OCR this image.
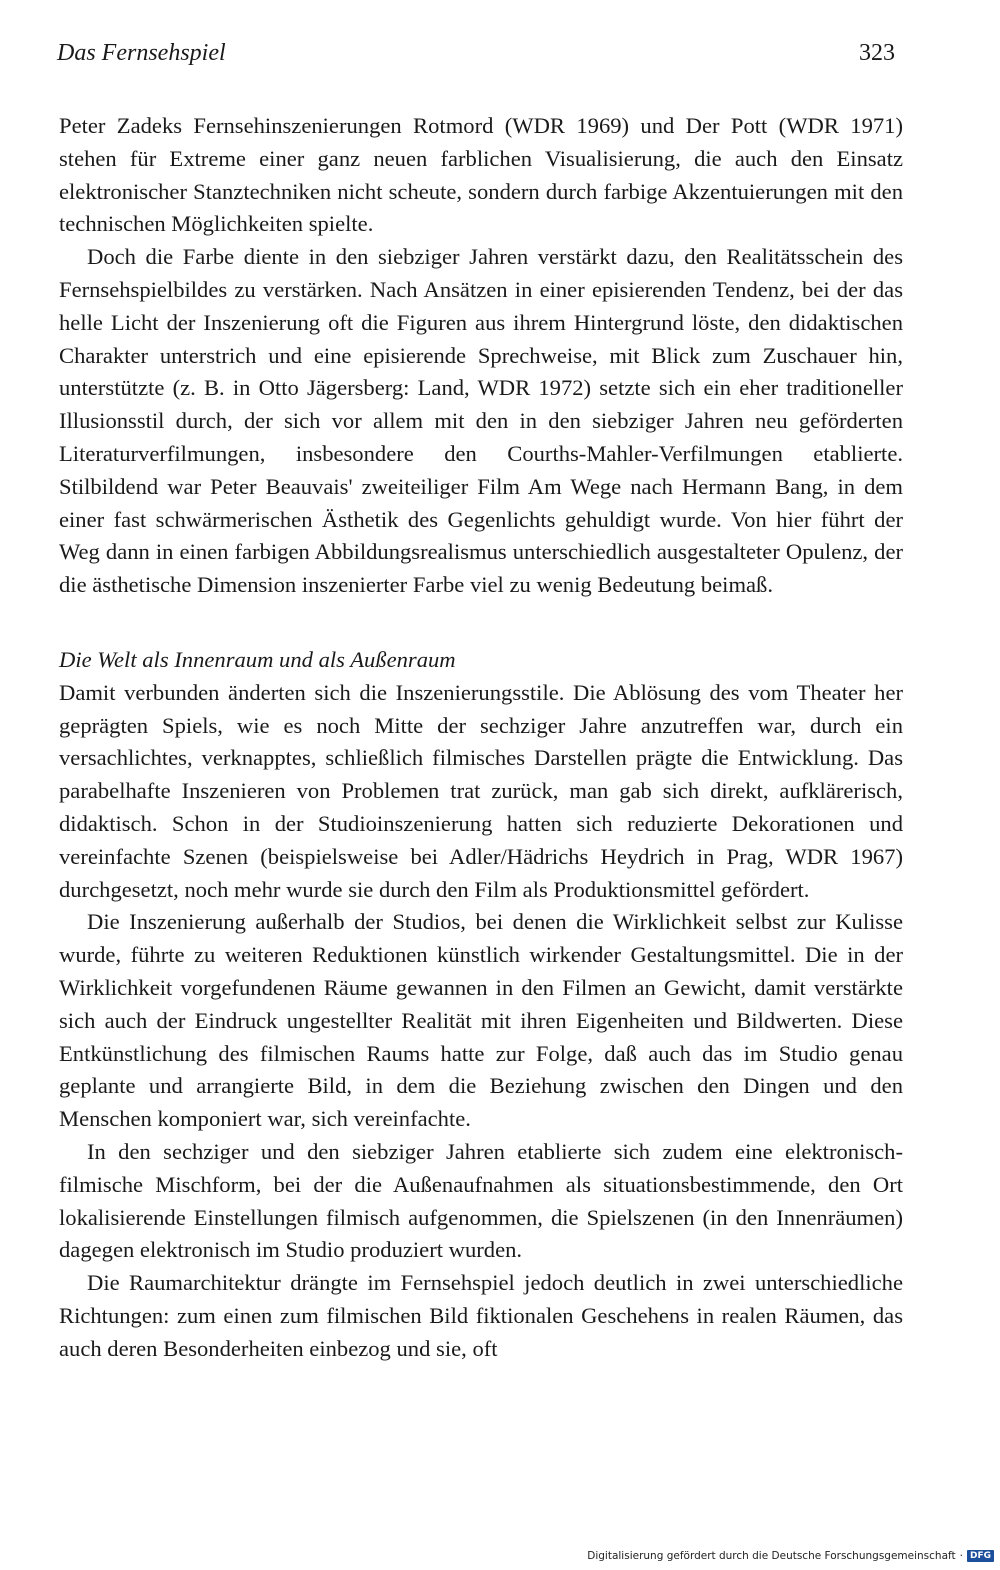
Das Fernsehspiel	323

Peter Zadeks Fernsehinszenierungen Rotmord (WDR 1969) und Der Pott (WDR 1971) stehen für Extreme einer ganz neuen farblichen Visualisierung, die auch den Einsatz elektronischer Stanztechniken nicht scheute, sondern durch farbige Akzentuierungen mit den technischen Möglichkeiten spielte.

Doch die Farbe diente in den siebziger Jahren verstärkt dazu, den Realitätsschein des Fernsehspielbildes zu verstärken. Nach Ansätzen in einer episierenden Tendenz, bei der das helle Licht der Inszenierung oft die Figuren aus ihrem Hintergrund löste, den didaktischen Charakter unterstrich und eine episierende Sprechweise, mit Blick zum Zuschauer hin, unterstützte (z. B. in Otto Jägersberg: Land, WDR 1972) setzte sich ein eher traditioneller Illusionsstil durch, der sich vor allem mit den in den siebziger Jahren neu geförderten Literaturverfilmungen, insbesondere den Courths-Mahler-Verfilmungen etablierte. Stilbildend war Peter Beauvais' zweiteiliger Film Am Wege nach Hermann Bang, in dem einer fast schwärmerischen Ästhetik des Gegenlichts gehuldigt wurde. Von hier führt der Weg dann in einen farbigen Abbildungsrealismus unterschiedlich ausgestalteter Opulenz, der die ästhetische Dimension inszenierter Farbe viel zu wenig Bedeutung beimaß.

Die Welt als Innenraum und als Außenraum

Damit verbunden änderten sich die Inszenierungsstile. Die Ablösung des vom Theater her geprägten Spiels, wie es noch Mitte der sechziger Jahre anzutreffen war, durch ein versachlichtes, verknapptes, schließlich filmisches Darstellen prägte die Entwicklung. Das parabelhafte Inszenieren von Problemen trat zurück, man gab sich direkt, aufklärerisch, didaktisch. Schon in der Studioinszenierung hatten sich reduzierte Dekorationen und vereinfachte Szenen (beispielsweise bei Adler/Hädrichs Heydrich in Prag, WDR 1967) durchgesetzt, noch mehr wurde sie durch den Film als Produktionsmittel gefördert.

Die Inszenierung außerhalb der Studios, bei denen die Wirklichkeit selbst zur Kulisse wurde, führte zu weiteren Reduktionen künstlich wirkender Gestaltungsmittel. Die in der Wirklichkeit vorgefundenen Räume gewannen in den Filmen an Gewicht, damit verstärkte sich auch der Eindruck ungestellter Realität mit ihren Eigenheiten und Bildwerten. Diese Entkünstlichung des filmischen Raums hatte zur Folge, daß auch das im Studio genau geplante und arrangierte Bild, in dem die Beziehung zwischen den Dingen und den Menschen komponiert war, sich vereinfachte.

In den sechziger und den siebziger Jahren etablierte sich zudem eine elektronisch-filmische Mischform, bei der die Außenaufnahmen als situationsbestimmende, den Ort lokalisierende Einstellungen filmisch aufgenommen, die Spielszenen (in den Innenräumen) dagegen elektronisch im Studio produziert wurden.

Die Raumarchitektur drängte im Fernsehspiel jedoch deutlich in zwei unterschiedliche Richtungen: zum einen zum filmischen Bild fiktionalen Geschehens in realen Räumen, das auch deren Besonderheiten einbezog und sie, oft

Digitalisierung gefördert durch die Deutsche Forschungsgemeinschaft · DFG
